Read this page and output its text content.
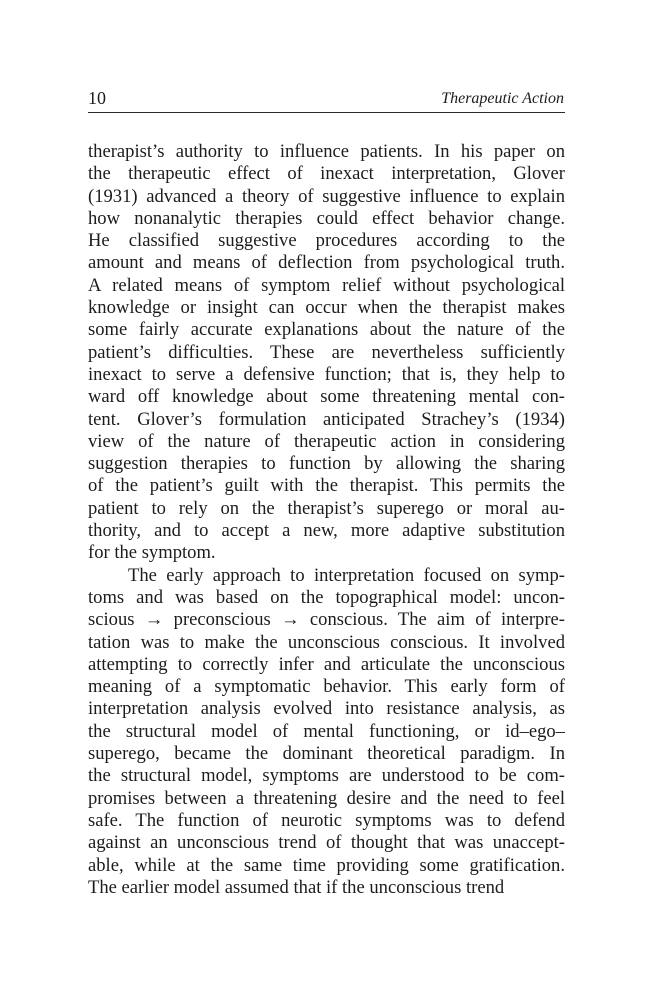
10	Therapeutic Action
therapist’s authority to influence patients. In his paper on
the therapeutic effect of inexact interpretation, Glover
(1931) advanced a theory of suggestive influence to explain
how nonanalytic therapies could effect behavior change.
He classified suggestive procedures according to the
amount and means of deflection from psychological truth.
A related means of symptom relief without psychological
knowledge or insight can occur when the therapist makes
some fairly accurate explanations about the nature of the
patient’s difficulties. These are nevertheless sufficiently
inexact to serve a defensive function; that is, they help to
ward off knowledge about some threatening mental con-
tent. Glover’s formulation anticipated Strachey’s (1934)
view of the nature of therapeutic action in considering
suggestion therapies to function by allowing the sharing
of the patient’s guilt with the therapist. This permits the
patient to rely on the therapist’s superego or moral au-
thority, and to accept a new, more adaptive substitution
for the symptom.
The early approach to interpretation focused on symp-
toms and was based on the topographical model: uncon-
scious → preconscious → conscious. The aim of interpre-
tation was to make the unconscious conscious. It involved
attempting to correctly infer and articulate the unconscious
meaning of a symptomatic behavior. This early form of
interpretation analysis evolved into resistance analysis, as
the structural model of mental functioning, or id–ego–
superego, became the dominant theoretical paradigm. In
the structural model, symptoms are understood to be com-
promises between a threatening desire and the need to feel
safe. The function of neurotic symptoms was to defend
against an unconscious trend of thought that was unaccept-
able, while at the same time providing some gratification.
The earlier model assumed that if the unconscious trend
